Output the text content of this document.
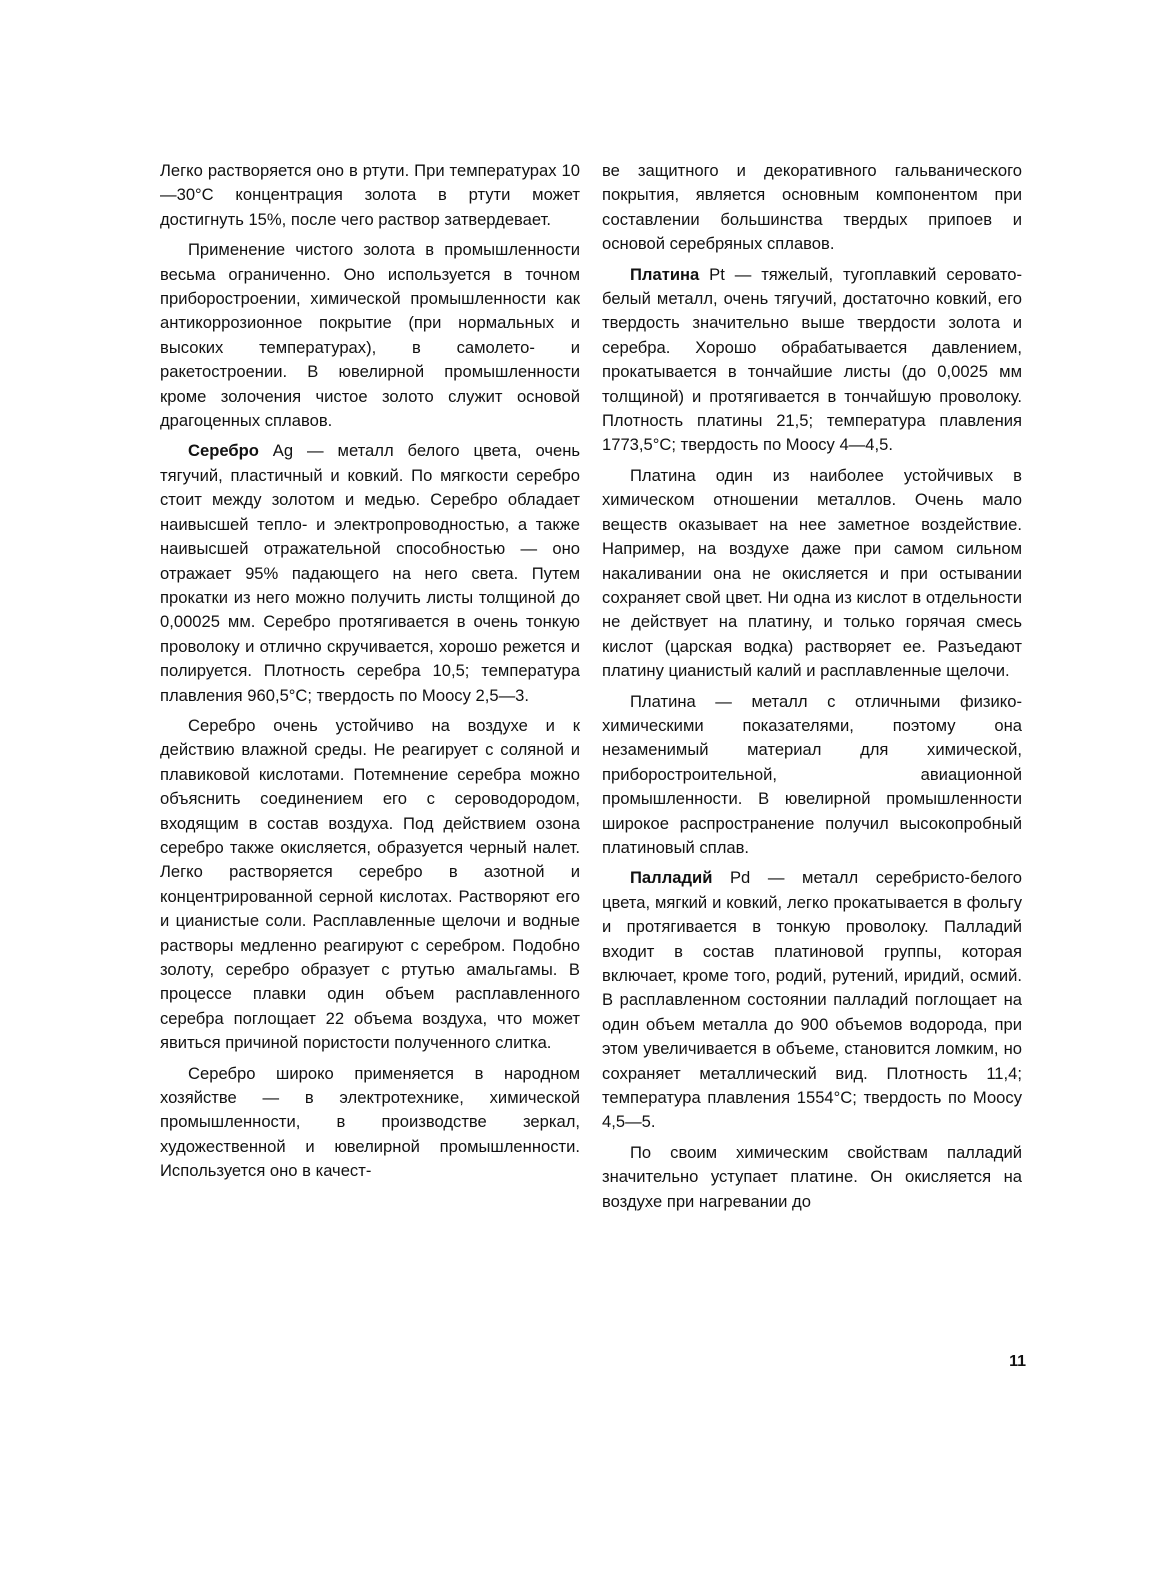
Легко растворяется оно в ртути. При температурах 10—30°С концентрация золота в ртути может достигнуть 15%, после чего раствор затвердевает.

Применение чистого золота в промышленности весьма ограниченно. Оно используется в точном приборостроении, химической промышленности как антикоррозионное покрытие (при нормальных и высоких температурах), в самолето- и ракетостроении. В ювелирной промышленности кроме золочения чистое золото служит основой драгоценных сплавов.

Серебро Ag — металл белого цвета, очень тягучий, пластичный и ковкий. По мягкости серебро стоит между золотом и медью. Серебро обладает наивысшей тепло- и электропроводностью, а также наивысшей отражательной способностью — оно отражает 95% падающего на него света. Путем прокатки из него можно получить листы толщиной до 0,00025 мм. Серебро протягивается в очень тонкую проволоку и отлично скручивается, хорошо режется и полируется. Плотность серебра 10,5; температура плавления 960,5°С; твердость по Моосу 2,5—3.

Серебро очень устойчиво на воздухе и к действию влажной среды. Не реагирует с соляной и плавиковой кислотами. Потемнение серебра можно объяснить соединением его с сероводородом, входящим в состав воздуха. Под действием озона серебро также окисляется, образуется черный налет. Легко растворяется серебро в азотной и концентрированной серной кислотах. Растворяют его и цианистые соли. Расплавленные щелочи и водные растворы медленно реагируют с серебром. Подобно золоту, серебро образует с ртутью амальгамы. В процессе плавки один объем расплавленного серебра поглощает 22 объема воздуха, что может явиться причиной пористости полученного слитка.

Серебро широко применяется в народном хозяйстве — в электротехнике, химической промышленности, в производстве зеркал, художественной и ювелирной промышленности. Используется оно в качест-

ве защитного и декоративного гальванического покрытия, является основным компонентом при составлении большинства твердых припоев и основой серебряных сплавов.

Платина Pt — тяжелый, тугоплавкий серовато-белый металл, очень тягучий, достаточно ковкий, его твердость значительно выше твердости золота и серебра. Хорошо обрабатывается давлением, прокатывается в тончайшие листы (до 0,0025 мм толщиной) и протягивается в тончайшую проволоку. Плотность платины 21,5; температура плавления 1773,5°С; твердость по Моосу 4—4,5.

Платина один из наиболее устойчивых в химическом отношении металлов. Очень мало веществ оказывает на нее заметное воздействие. Например, на воздухе даже при самом сильном накаливании она не окисляется и при остывании сохраняет свой цвет. Ни одна из кислот в отдельности не действует на платину, и только горячая смесь кислот (царская водка) растворяет ее. Разъедают платину цианистый калий и расплавленные щелочи.

Платина — металл с отличными физико-химическими показателями, поэтому она незаменимый материал для химической, приборостроительной, авиационной промышленности. В ювелирной промышленности широкое распространение получил высокопробный платиновый сплав.

Палладий Pd — металл серебристо-белого цвета, мягкий и ковкий, легко прокатывается в фольгу и протягивается в тонкую проволоку. Палладий входит в состав платиновой группы, которая включает, кроме того, родий, рутений, иридий, осмий. В расплавленном состоянии палладий поглощает на один объем металла до 900 объемов водорода, при этом увеличивается в объеме, становится ломким, но сохраняет металлический вид. Плотность 11,4; температура плавления 1554°С; твердость по Моосу 4,5—5.

По своим химическим свойствам палладий значительно уступает платине. Он окисляется на воздухе при нагревании до

11
